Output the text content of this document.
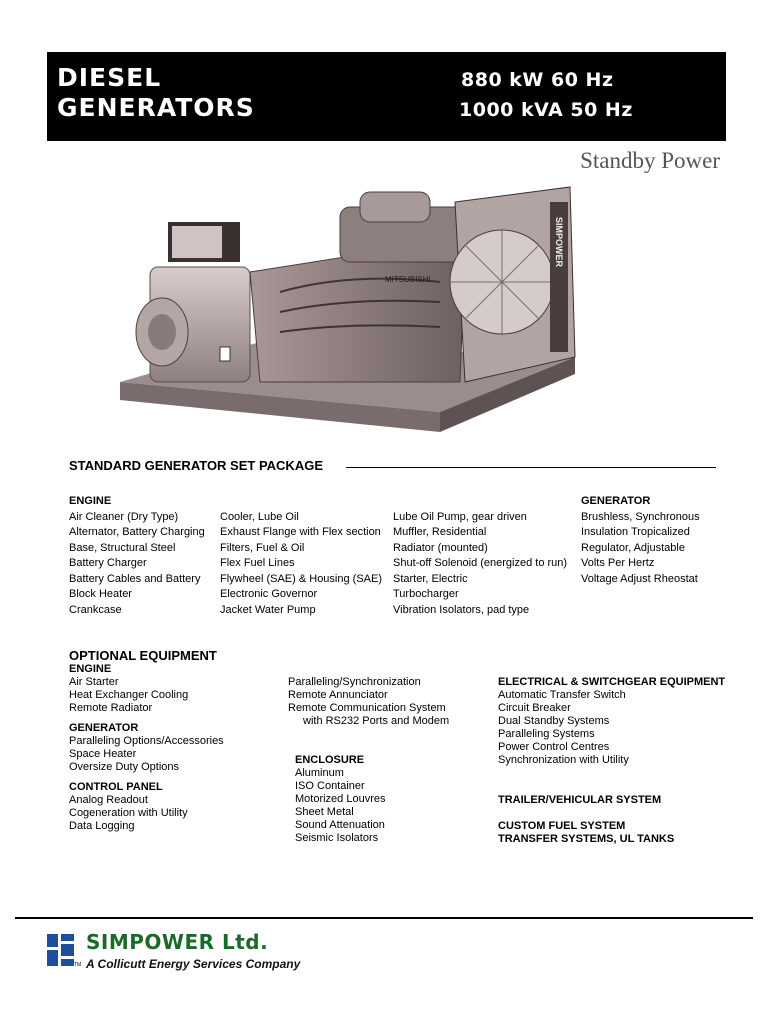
DIESEL
GENERATORS
880 kW 60 Hz
1000 kVA 50 Hz
Standby Power
MITSUBISHI
SIMPOWER
STANDARD GENERATOR SET PACKAGE
ENGINE
Air Cleaner (Dry Type)
Alternator, Battery Charging
Base, Structural Steel
Battery Charger
Battery Cables and Battery
Block Heater
Crankcase
Cooler, Lube Oil
Exhaust Flange with Flex section
Filters, Fuel & Oil
Flex Fuel Lines
Flywheel (SAE) & Housing (SAE)
Electronic Governor
Jacket Water Pump
Lube Oil Pump, gear driven
Muffler, Residential
Radiator (mounted)
Shut-off Solenoid (energized to run)
Starter, Electric
Turbocharger
Vibration Isolators, pad type
GENERATOR
Brushless, Synchronous
Insulation Tropicalized
Regulator, Adjustable
Volts Per Hertz
Voltage Adjust Rheostat
OPTIONAL EQUIPMENT
ENGINE
Air Starter
Heat Exchanger Cooling
Remote Radiator
GENERATOR
Paralleling Options/Accessories
Space Heater
Oversize Duty Options
CONTROL PANEL
Analog Readout
Cogeneration with Utility
Data Logging
Paralleling/Synchronization
Remote Annunciator
Remote Communication System
with RS232 Ports and Modem
ENCLOSURE
Aluminum
ISO Container
Motorized Louvres
Sheet Metal
Sound Attenuation
Seismic Isolators
ELECTRICAL & SWITCHGEAR EQUIPMENT
Automatic Transfer Switch
Circuit Breaker
Dual Standby Systems
Paralleling Systems
Power Control Centres
Synchronization with Utility
TRAILER/VEHICULAR SYSTEM
CUSTOM FUEL SYSTEM
TRANSFER SYSTEMS, UL TANKS
TM
SIMPOWER Ltd.
A Collicutt Energy Services Company
